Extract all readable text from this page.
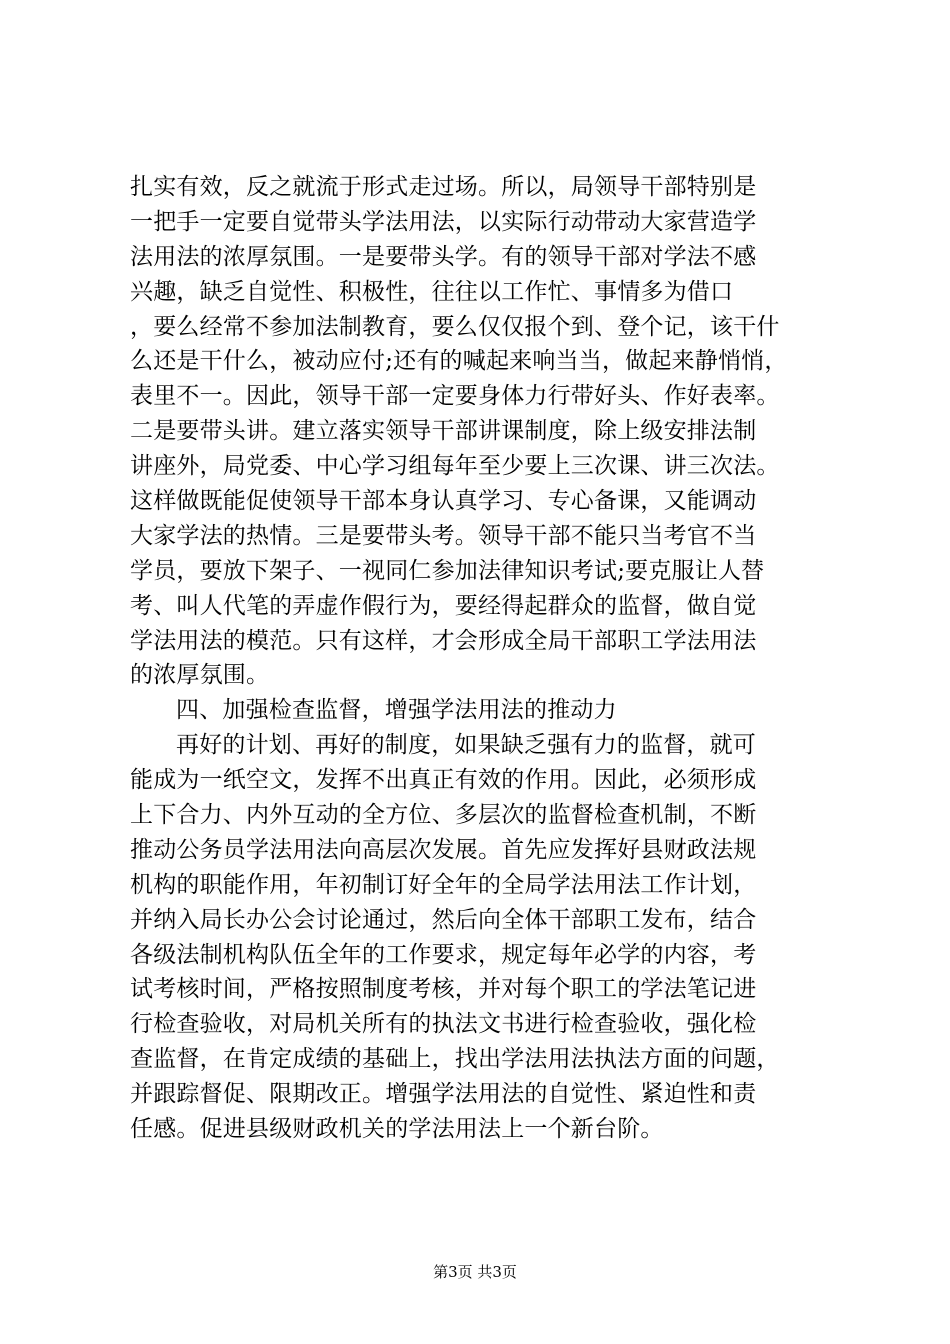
扎实有效，反之就流于形式走过场。所以，局领导干部特别是
一把手一定要自觉带头学法用法，以实际行动带动大家营造学
法用法的浓厚氛围。一是要带头学。有的领导干部对学法不感
兴趣，缺乏自觉性、积极性，往往以工作忙、事情多为借口
，要么经常不参加法制教育，要么仅仅报个到、登个记，该干什
么还是干什么，被动应付;还有的喊起来响当当，做起来静悄悄，
表里不一。因此，领导干部一定要身体力行带好头、作好表率。
二是要带头讲。建立落实领导干部讲课制度，除上级安排法制
讲座外，局党委、中心学习组每年至少要上三次课、讲三次法。
这样做既能促使领导干部本身认真学习、专心备课，又能调动
大家学法的热情。三是要带头考。领导干部不能只当考官不当
学员，要放下架子、一视同仁参加法律知识考试;要克服让人替
考、叫人代笔的弄虚作假行为，要经得起群众的监督，做自觉
学法用法的模范。只有这样，才会形成全局干部职工学法用法
的浓厚氛围。
四、加强检查监督，增强学法用法的推动力
再好的计划、再好的制度，如果缺乏强有力的监督，就可
能成为一纸空文，发挥不出真正有效的作用。因此，必须形成
上下合力、内外互动的全方位、多层次的监督检查机制，不断
推动公务员学法用法向高层次发展。首先应发挥好县财政法规
机构的职能作用，年初制订好全年的全局学法用法工作计划，
并纳入局长办公会讨论通过，然后向全体干部职工发布，结合
各级法制机构队伍全年的工作要求，规定每年必学的内容，考
试考核时间，严格按照制度考核，并对每个职工的学法笔记进
行检查验收，对局机关所有的执法文书进行检查验收，强化检
查监督，在肯定成绩的基础上，找出学法用法执法方面的问题，
并跟踪督促、限期改正。增强学法用法的自觉性、紧迫性和责
任感。促进县级财政机关的学法用法上一个新台阶。
第3页 共3页
